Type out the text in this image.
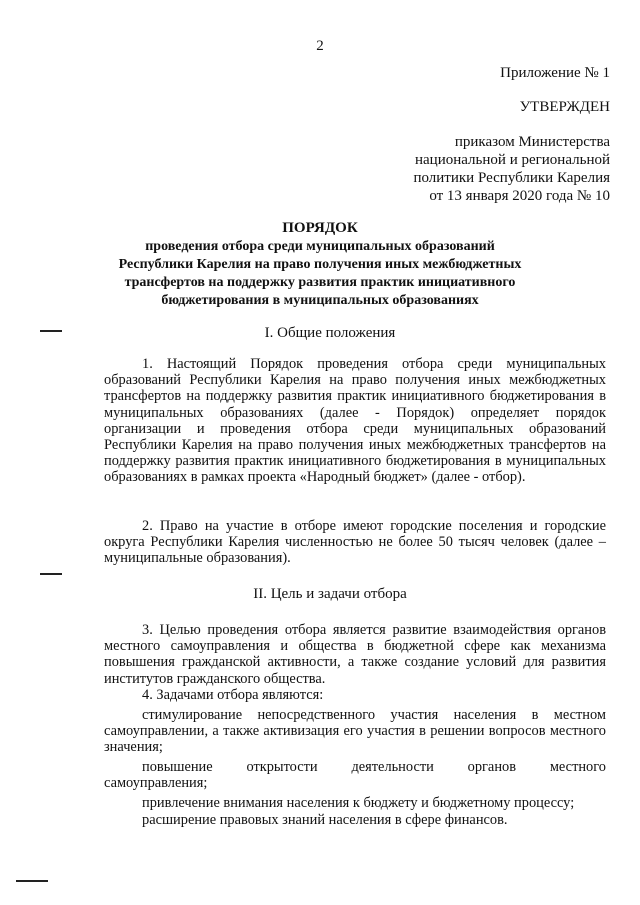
2
Приложение № 1
УТВЕРЖДЕН
приказом Министерства
национальной и региональной
политики Республики Карелия
от 13 января 2020 года № 10
ПОРЯДОК
проведения отбора среди муниципальных образований
Республики Карелия на право получения иных межбюджетных
трансфертов на поддержку развития практик инициативного
бюджетирования в муниципальных образованиях
I. Общие положения
1. Настоящий Порядок проведения отбора среди муниципальных образований Республики Карелия на право получения иных межбюджетных трансфертов на поддержку развития практик инициативного бюджетирования в муниципальных образованиях (далее - Порядок) определяет порядок организации и проведения отбора среди муниципальных образований Республики Карелия на право получения иных межбюджетных трансфертов на поддержку развития практик инициативного бюджетирования в муниципальных образованиях в рамках проекта «Народный бюджет» (далее - отбор).
2. Право на участие в отборе имеют городские поселения и городские округа Республики Карелия численностью не более 50 тысяч человек (далее – муниципальные образования).
II. Цель и задачи отбора
3. Целью проведения отбора является развитие взаимодействия органов местного самоуправления и общества в бюджетной сфере как механизма повышения гражданской активности, а также создание условий для развития институтов гражданского общества.
4. Задачами отбора являются:
стимулирование непосредственного участия населения в местном самоуправлении, а также активизация его участия в решении вопросов местного значения;
повышение открытости деятельности органов местного
самоуправления;
привлечение внимания населения к бюджету и бюджетному процессу;
расширение правовых знаний населения в сфере финансов.
